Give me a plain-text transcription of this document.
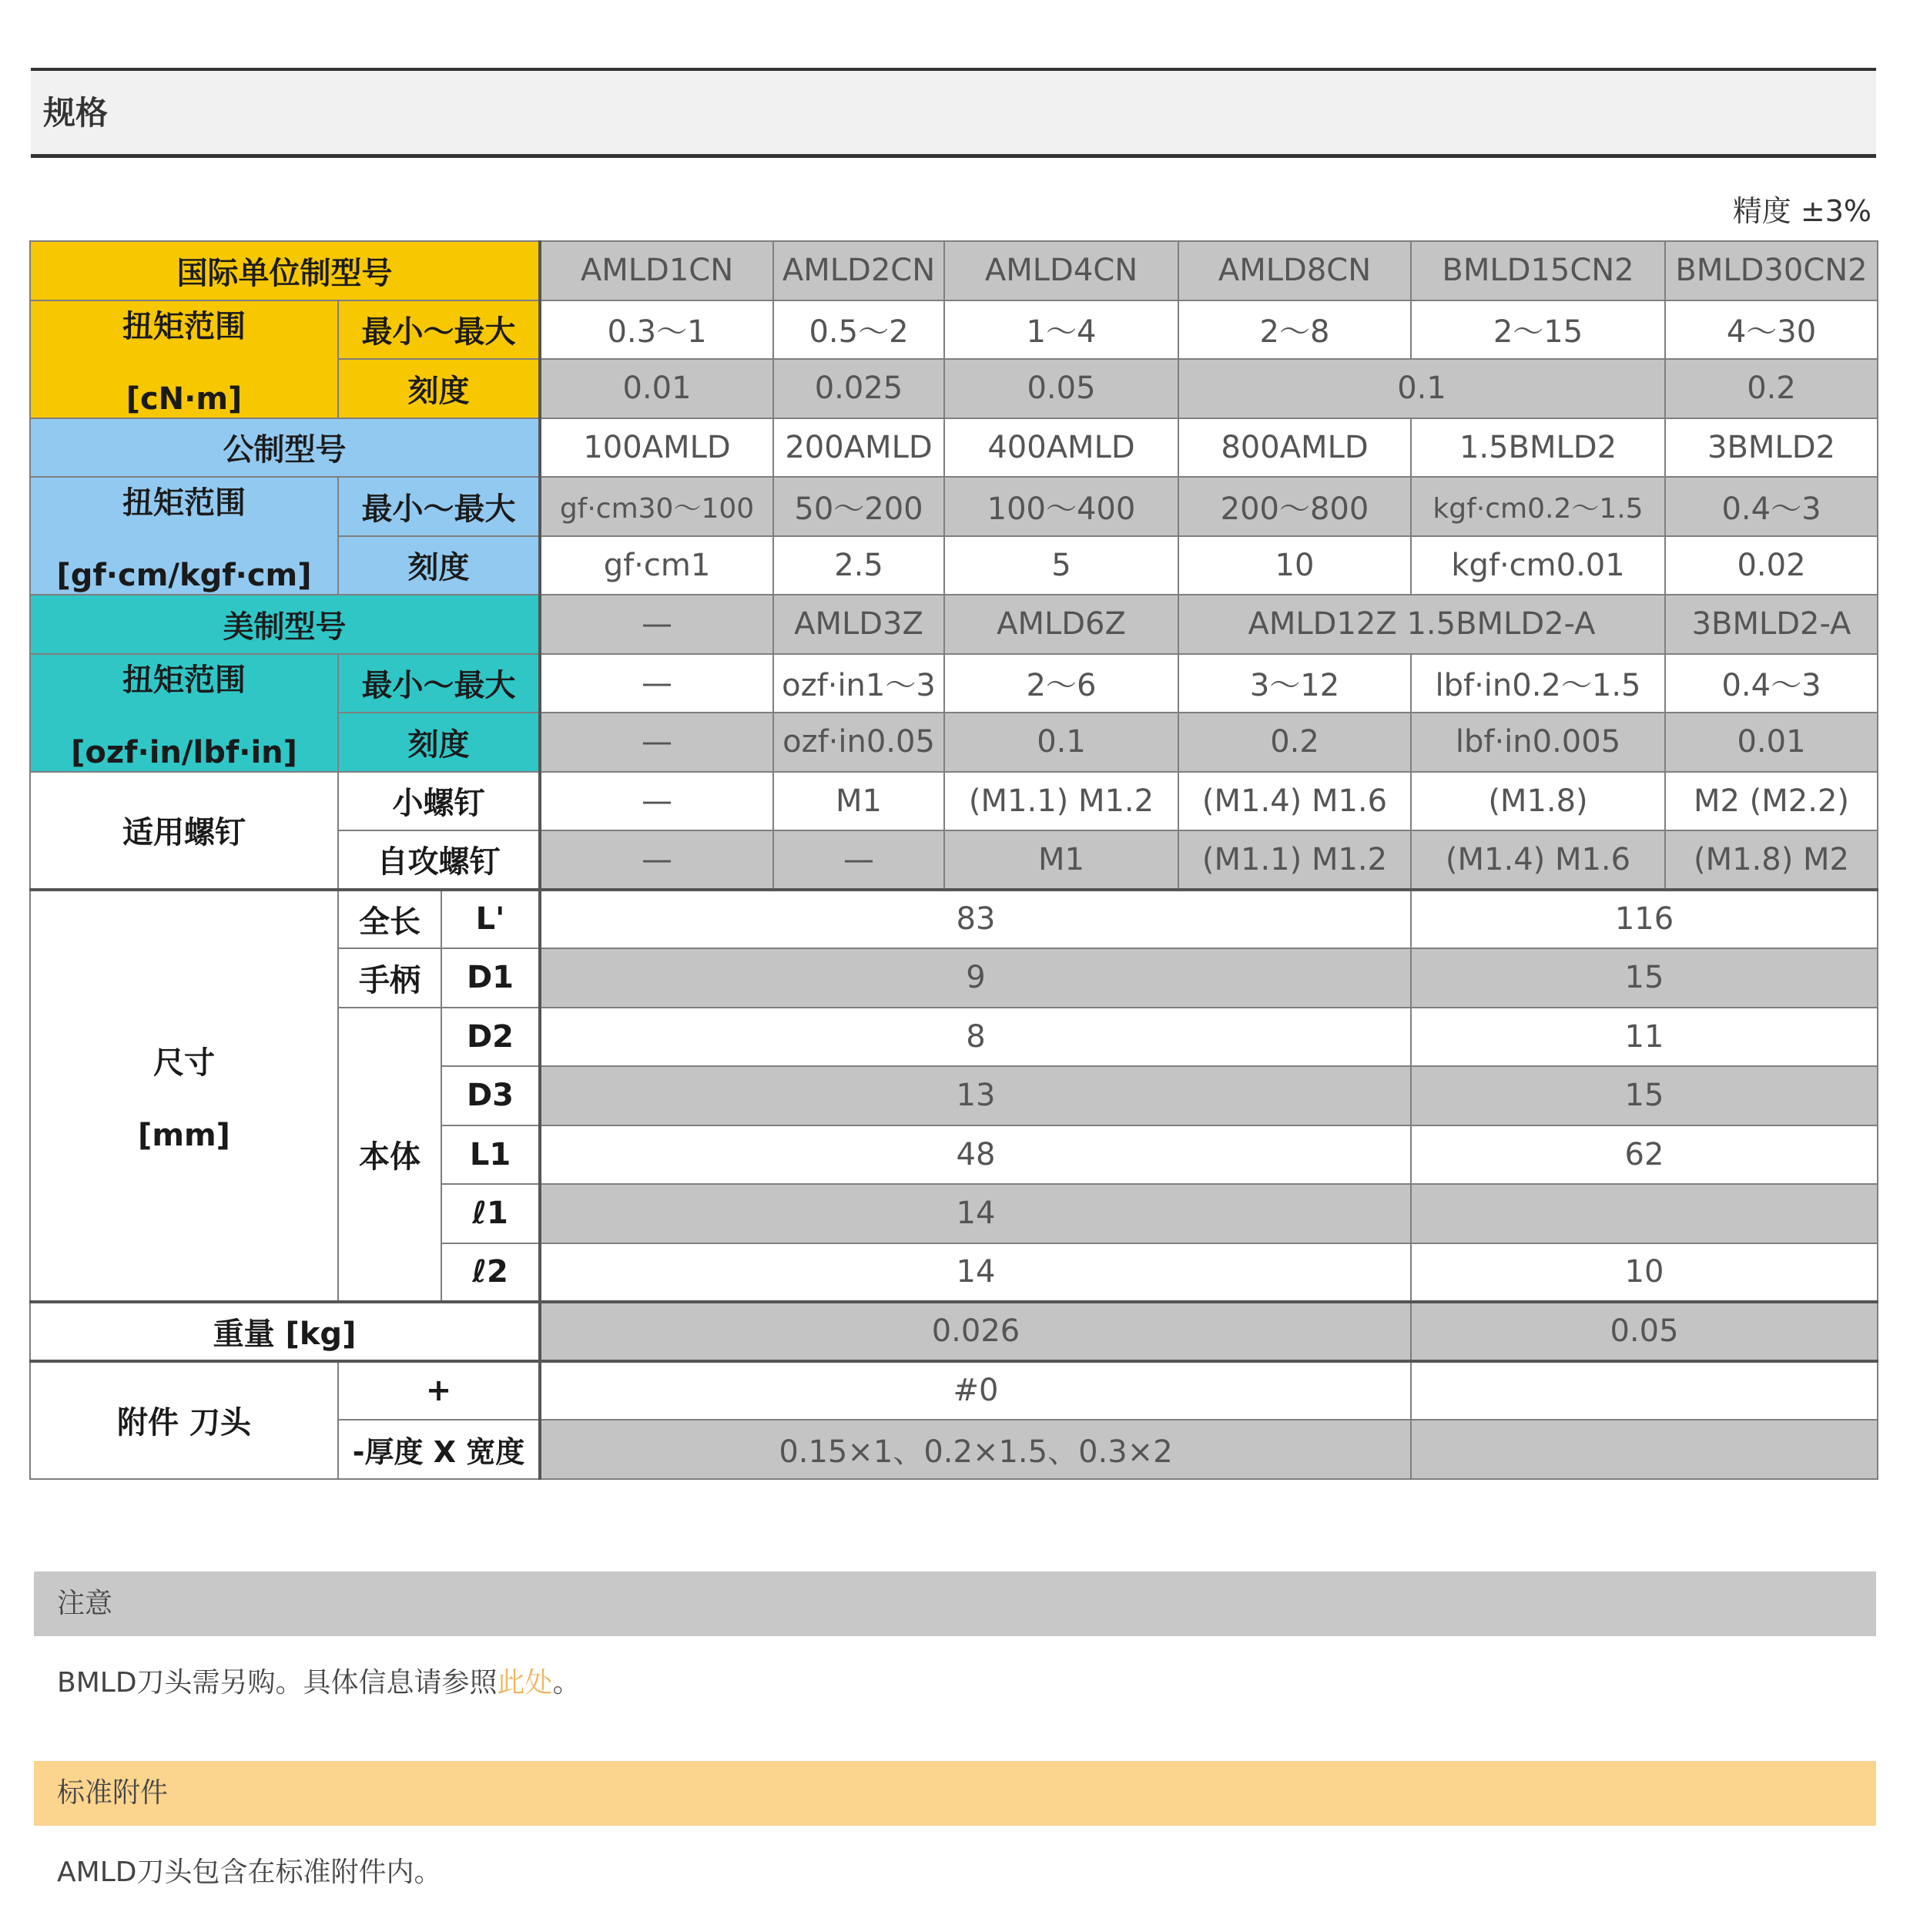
规格
精度 ±3%
国际单位制型号			AMLD1CN	AMLD2CN	AMLD4CN	AMLD8CN	BMLD15CN2	BMLD30CN2
扭矩范围

[cN·m]	最小～最大		0.3～1	0.5～2	1～4	2～8	2～15	4～30
	刻度		0.01	0.025	0.05	0.1		0.2
公制型号			100AMLD	200AMLD	400AMLD	800AMLD	1.5BMLD2	3BMLD2
扭矩范围

[gf·cm/kgf·cm]	最小～最大		gf·cm30～100	50～200	100～400	200～800	kgf·cm0.2～1.5	0.4～3
	刻度		gf·cm1	2.5	5	10	kgf·cm0.01	0.02
美制型号			—	AMLD3Z	AMLD6Z	AMLD12Z 1.5BMLD2-A		3BMLD2-A
扭矩范围

[ozf·in/lbf·in]	最小～最大		—	ozf·in1～3	2～6	3～12	lbf·in0.2～1.5	0.4～3
	刻度		—	ozf·in0.05	0.1	0.2	lbf·in0.005	0.01
适用螺钉	小螺钉		—	M1	(M1.1) M1.2	(M1.4) M1.6	(M1.8)	M2 (M2.2)
	自攻螺钉		—	—	M1	(M1.1) M1.2	(M1.4) M1.6	(M1.8) M2
尺寸

[mm]	全长	L'	83				116	
	手柄	D1	9				15	
	本体	D2	8				11	
		D3	13				15	
		L1	48				62	
		ℓ1	14					
		ℓ2	14				10	
重量 [kg]			0.026				0.05	
附件 刀头	+		#0					
	-厚度 X 宽度		0.15×1、0.2×1.5、0.3×2					
注意
BMLD刀头需另购。具体信息请参照此处。
标准附件
AMLD刀头包含在标准附件内。
